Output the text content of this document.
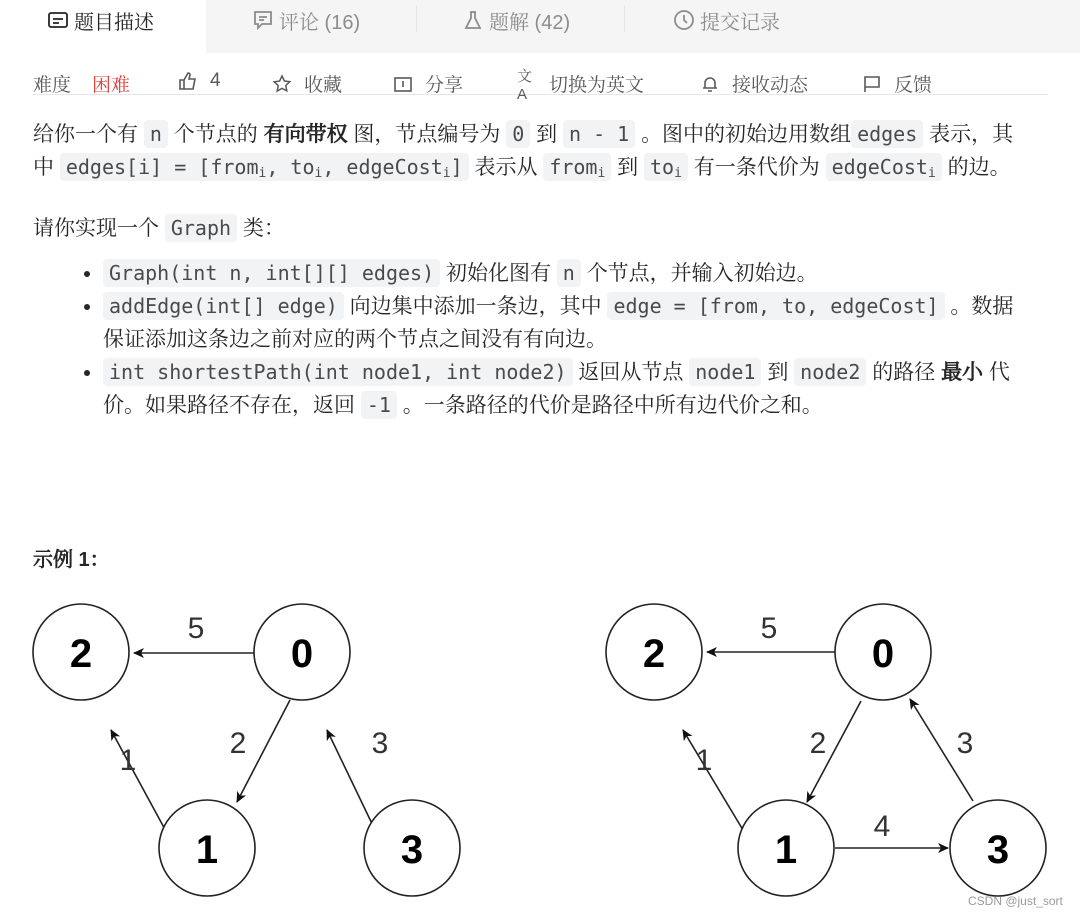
难度 困难	4	收藏	分享	文A	切换为英文	接收动态	反馈
题目描述	评论 (16)	题解 (42)	提交记录

给你一个有 n 个节点的 有向带权 图，节点编号为 0 到 n - 1 。图中的初始边用数组 edges 表示，其中 edges[i] = [from$_i$, $to_i$, edgeCost$_i$] 表示从 from$_i$ 到 $to_i$ 有一条代价为 edgeCost$_i$ 的边。

请你实现一个 Graph 类：

• Graph(int n, int[][] edges) 初始化图有 n 个节点，并输入初始边。
• addEdge(int[] edge) 向边集中添加一条边，其中 edge = [from, to, edgeCost] 。数据保证添加这条边之前对应的两个节点之间没有有向边。
• int shortestPath(int node1, int node2) 返回从节点 node1 到 node2 的路径 最小 代价。如果路径不存在，返回 -1 。一条路径的代价是路径中所有边代价之和。
示例 1：
2	0
1	3
5
2
1
3
2	0
1	3
5
2
1
3
4
CSDN @just_sort
